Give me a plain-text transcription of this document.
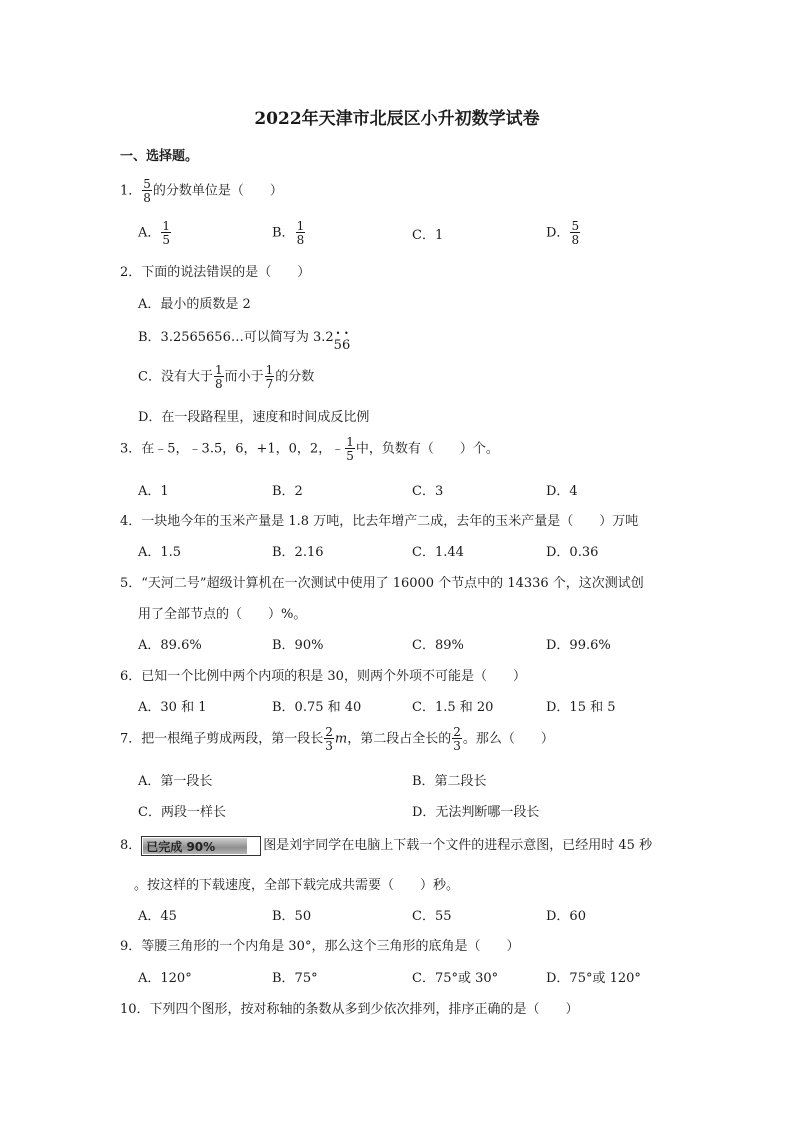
2022年天津市北辰区小升初数学试卷
一、选择题。
1． $\frac{5}{8}$ 的分数单位是（　　）
A． $\frac{1}{5}$	B． $\frac{1}{8}$	C．1	D． $\frac{5}{8}$
2．下面的说法错误的是（　　）
A．最小的质数是 2
B．3.2565656…可以简写为 3.2• 5• 6
C．没有大于 $\frac{1}{8}$ 而小于 $\frac{1}{7}$ 的分数
D．在一段路程里，速度和时间成反比例
3．在﹣5，﹣3.5，6，+1，0，2，﹣ $\frac{1}{5}$ 中，负数有（　　）个。
A．1	B．2	C．3	D．4
4．一块地今年的玉米产量是 1.8 万吨，比去年增产二成，去年的玉米产量是（　　）万吨
A．1.5	B．2.16	C．1.44	D．0.36
5．“天河二号”超级计算机在一次测试中使用了 16000 个节点中的 14336 个，这次测试创
用了全部节点的（　　）%。
A．89.6%	B．90%	C．89%	D．99.6%
6．已知一个比例中两个内项的积是 30，则两个外项不可能是（　　）
A．30 和 1	B．0.75 和 40	C．1.5 和 20	D．15 和 5
7．把一根绳子剪成两段，第一段长 $\frac{2}{3}$ m，第二段占全长的 $\frac{2}{3}$ 。那么（　　）
A．第一段长	B．第二段长
C．两段一样长	D．无法判断哪一段长
8． 已完成 90%	图是刘宇同学在电脑上下载一个文件的进程示意图，已经用时 45 秒
。按这样的下载速度，全部下载完成共需要（　　）秒。
A．45	B．50	C．55	D．60
9．等腰三角形的一个内角是 30°，那么这个三角形的底角是（　　）
A．120°	B．75°	C．75°或 30°	D．75°或 120°
10．下列四个图形，按对称轴的条数从多到少依次排列，排序正确的是（　　）
